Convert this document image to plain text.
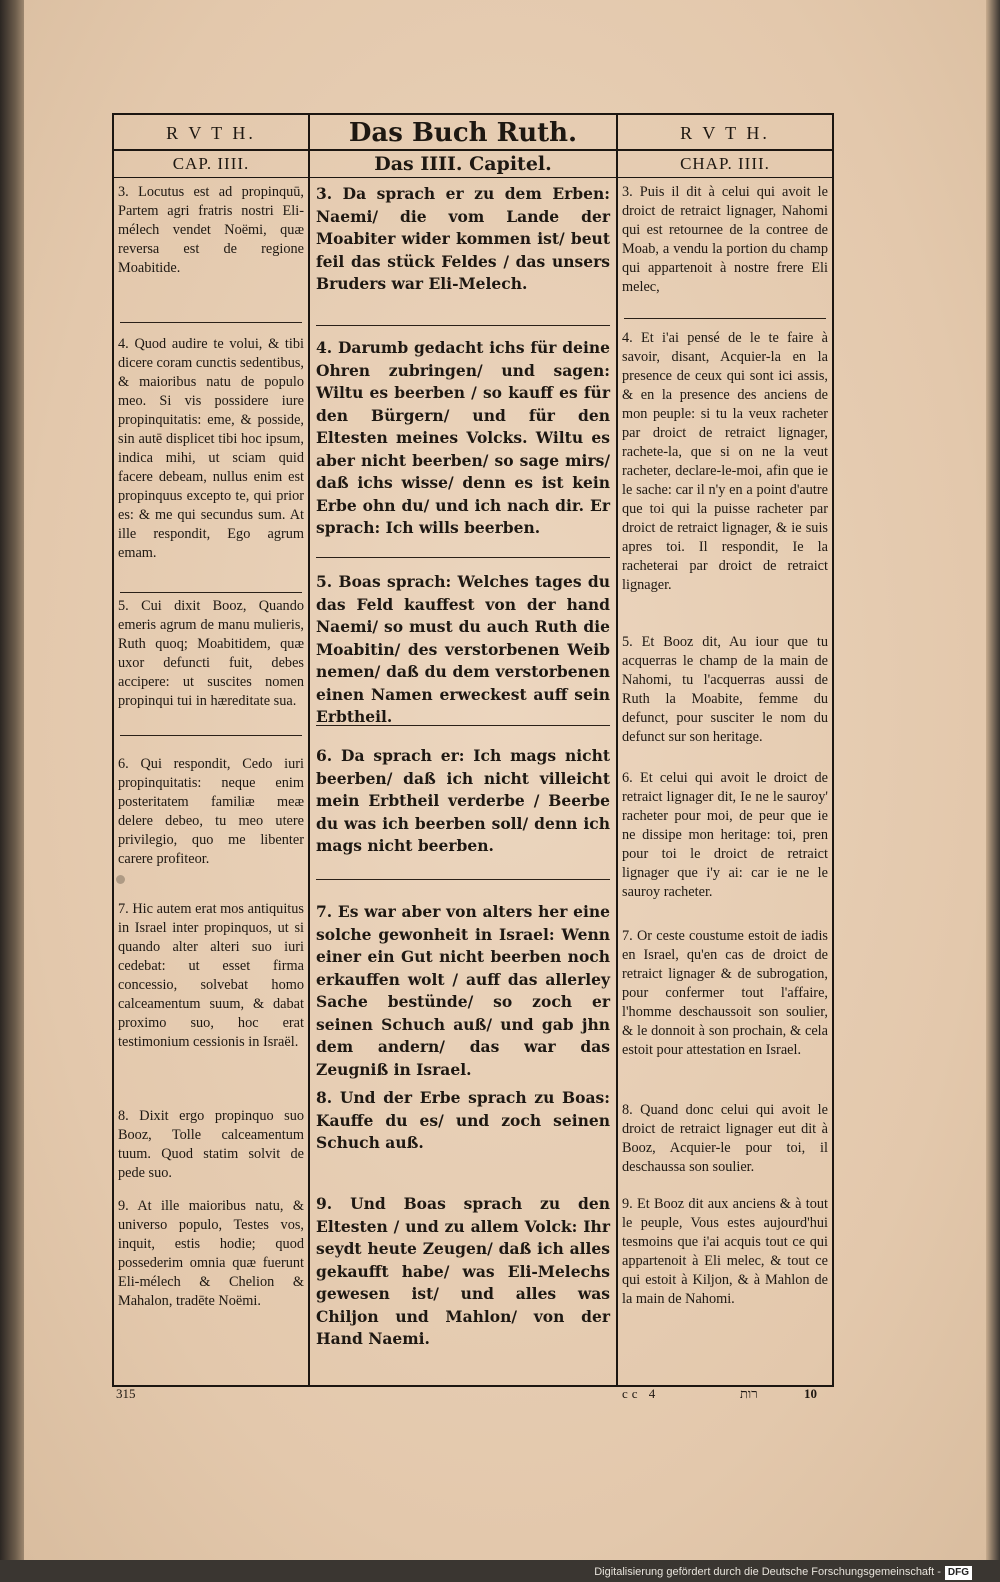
R V T H.
CAP. IIII.
3. Locutus est ad propinquū, Partem agri fratris nostri Eli-mélech vendet Noëmi, quæ reversa est de regione Moabitide.
4. Quod audire te volui, & tibi dicere coram cunctis sedentibus, & maioribus natu de populo meo. Si vis possidere iure propinquitatis: eme, & posside, sin autē displicet tibi hoc ipsum, indica mihi, ut sciam quid facere debeam, nullus enim est propinquus excepto te, qui prior es: & me qui secundus sum. At ille respondit, Ego agrum emam.
5. Cui dixit Booz, Quando emeris agrum de manu mulieris, Ruth quoq; Moabitidem, quæ uxor defuncti fuit, debes accipere: ut suscites nomen propinqui tui in hæreditate sua.
6. Qui respondit, Cedo iuri propinquitatis: neque enim posteritatem familiæ meæ delere debeo, tu meo utere privilegio, quo me libenter carere profiteor.
7. Hic autem erat mos antiquitus in Israel inter propinquos, ut si quando alter alteri suo iuri cedebat: ut esset firma concessio, solvebat homo calceamentum suum, & dabat proximo suo, hoc erat testimonium cessionis in Israël.
8. Dixit ergo propinquo suo Booz, Tolle calceamentum tuum. Quod statim solvit de pede suo.
9. At ille maioribus natu, & universo populo, Testes vos, inquit, estis hodie; quod possederim omnia quæ fuerunt Eli-mélech & Chelion & Mahalon, tradēte Noëmi.
Das Buch Ruth.
Das IIII. Capitel.
3. Da sprach er zu dem Erben: Naemi/ die vom Lande der Moabiter wider kommen ist/ beut feil das stück Feldes / das unsers Bruders war Eli-Melech.
4. Darumb gedacht ichs für deine Ohren zubringen/ und sagen: Wiltu es beerben / so kauff es für den Bürgern/ und für den Eltesten meines Volcks. Wiltu es aber nicht beerben/ so sage mirs/ daß ichs wisse/ denn es ist kein Erbe ohn du/ und ich nach dir. Er sprach: Ich wills beerben.
5. Boas sprach: Welches tages du das Feld kauffest von der hand Naemi/ so must du auch Ruth die Moabitin/ des verstorbenen Weib nemen/ daß du dem verstorbenen einen Namen erweckest auff sein Erbtheil.
6. Da sprach er: Ich mags nicht beerben/ daß ich nicht villeicht mein Erbtheil verderbe / Beerbe du was ich beerben soll/ denn ich mags nicht beerben.
7. Es war aber von alters her eine solche gewonheit in Israel: Wenn einer ein Gut nicht beerben noch erkauffen wolt / auff das allerley Sache bestünde/ so zoch er seinen Schuch auß/ und gab jhn dem andern/ das war das Zeugniß in Israel.
8. Und der Erbe sprach zu Boas: Kauffe du es/ und zoch seinen Schuch auß.
9. Und Boas sprach zu den Eltesten / und zu allem Volck: Ihr seydt heute Zeugen/ daß ich alles gekaufft habe/ was Eli-Melechs gewesen ist/ und alles was Chiljon und Mahlon/ von der Hand Naemi.
R V T H.
CHAP. IIII.
3. Puis il dit à celui qui avoit le droict de retraict lignager, Nahomi qui est retournee de la contree de Moab, a vendu la portion du champ qui appartenoit à nostre frere Eli melec,
4. Et i'ai pensé de le te faire à savoir, disant, Acquier-la en la presence de ceux qui sont ici assis, & en la presence des anciens de mon peuple: si tu la veux racheter par droict de retraict lignager, rachete-la, que si on ne la veut racheter, declare-le-moi, afin que ie le sache: car il n'y en a point d'autre que toi qui la puisse racheter par droict de retraict lignager, & ie suis apres toi. Il respondit, Ie la racheterai par droict de retraict lignager.
5. Et Booz dit, Au iour que tu acquerras le champ de la main de Nahomi, tu l'acquerras aussi de Ruth la Moabite, femme du defunct, pour susciter le nom du defunct sur son heritage.
6. Et celui qui avoit le droict de retraict lignager dit, Ie ne le sauroy' racheter pour moi, de peur que ie ne dissipe mon heritage: toi, pren pour toi le droict de retraict lignager que i'y ai: car ie ne le sauroy racheter.
7. Or ceste coustume estoit de iadis en Israel, qu'en cas de droict de retraict lignager & de subrogation, pour confermer tout l'affaire, l'homme deschaussoit son soulier, & le donnoit à son prochain, & cela estoit pour attestation en Israel.
8. Quand donc celui qui avoit le droict de retraict lignager eut dit à Booz, Acquier-le pour toi, il deschaussa son soulier.
9. Et Booz dit aux anciens & à tout le peuple, Vous estes aujourd'hui tesmoins que i'ai acquis tout ce qui appartenoit à Eli melec, & tout ce qui estoit à Kiljon, & à Mahlon de la main de Nahomi.
315	cc 4	רות	10
Digitalisierung gefördert durch die Deutsche Forschungsgemeinschaft - DFG
